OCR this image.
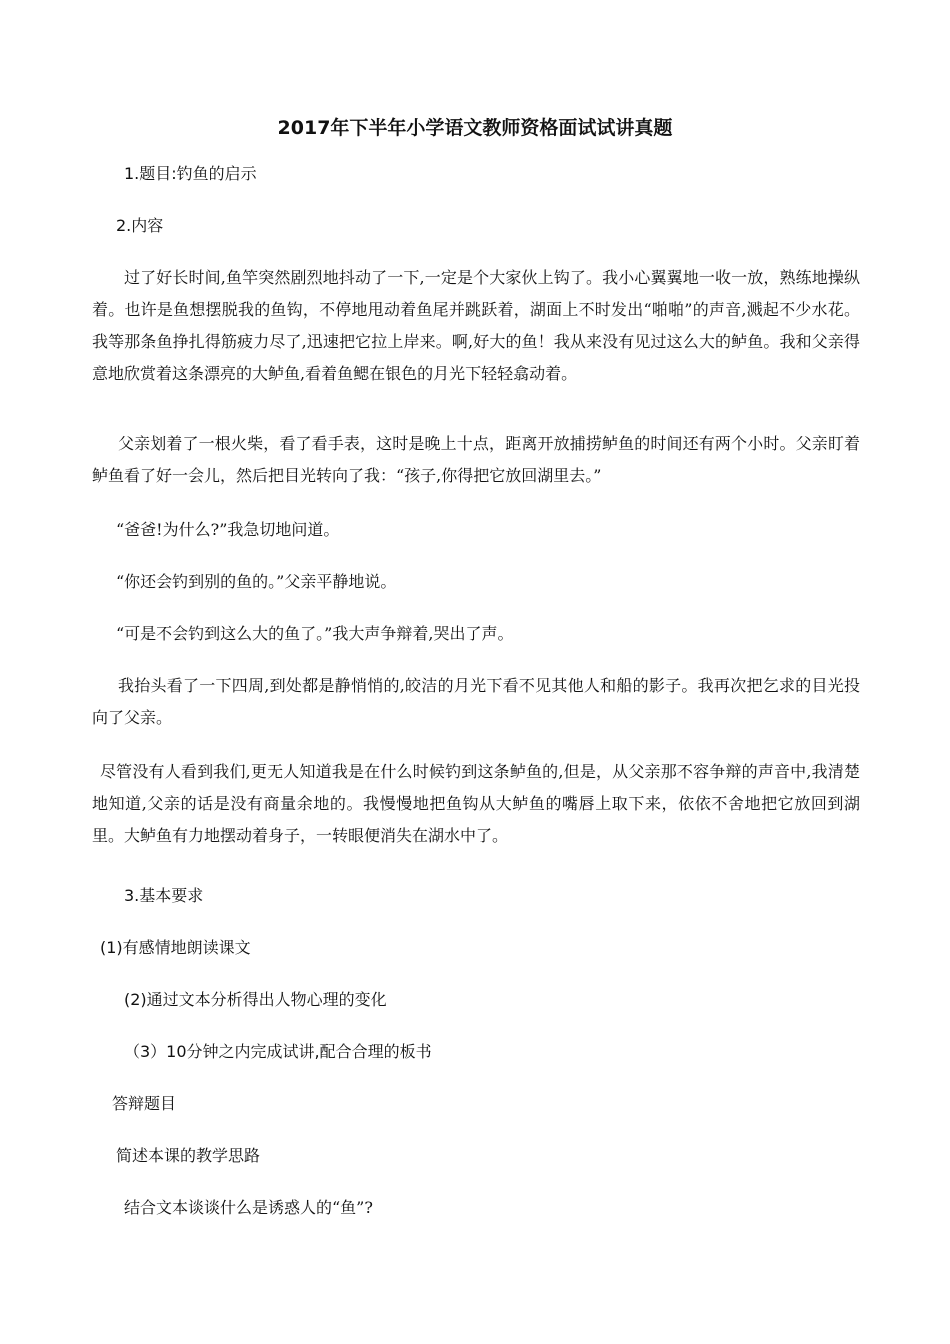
2017年下半年小学语文教师资格面试试讲真题
1.题目:钓鱼的启示
2.内容
过了好长时间,鱼竿突然剧烈地抖动了一下,一定是个大家伙上钩了。我小心翼翼地一收一放，熟练地操纵着。也许是鱼想摆脱我的鱼钩，不停地甩动着鱼尾并跳跃着，湖面上不时发出“啪啪”的声音,溅起不少水花。我等那条鱼挣扎得筋疲力尽了,迅速把它拉上岸来。啊,好大的鱼！我从来没有见过这么大的鲈鱼。我和父亲得意地欣赏着这条漂亮的大鲈鱼,看着鱼鳃在银色的月光下轻轻翕动着。
父亲划着了一根火柴，看了看手表，这时是晚上十点，距离开放捕捞鲈鱼的时间还有两个小时。父亲盯着鲈鱼看了好一会儿，然后把目光转向了我：“孩子,你得把它放回湖里去。”
“爸爸!为什么?”我急切地问道。
“你还会钓到别的鱼的。”父亲平静地说。
“可是不会钓到这么大的鱼了。”我大声争辩着,哭出了声。
我抬头看了一下四周,到处都是静悄悄的,皎洁的月光下看不见其他人和船的影子。我再次把乞求的目光投向了父亲。
尽管没有人看到我们,更无人知道我是在什么时候钓到这条鲈鱼的,但是，从父亲那不容争辩的声音中,我清楚地知道,父亲的话是没有商量余地的。我慢慢地把鱼钩从大鲈鱼的嘴唇上取下来，依依不舍地把它放回到湖里。大鲈鱼有力地摆动着身子，一转眼便消失在湖水中了。
3.基本要求
(1)有感情地朗读课文
(2)通过文本分析得出人物心理的变化
（3）10分钟之内完成试讲,配合合理的板书
答辩题目
简述本课的教学思路
结合文本谈谈什么是诱惑人的“鱼”?
